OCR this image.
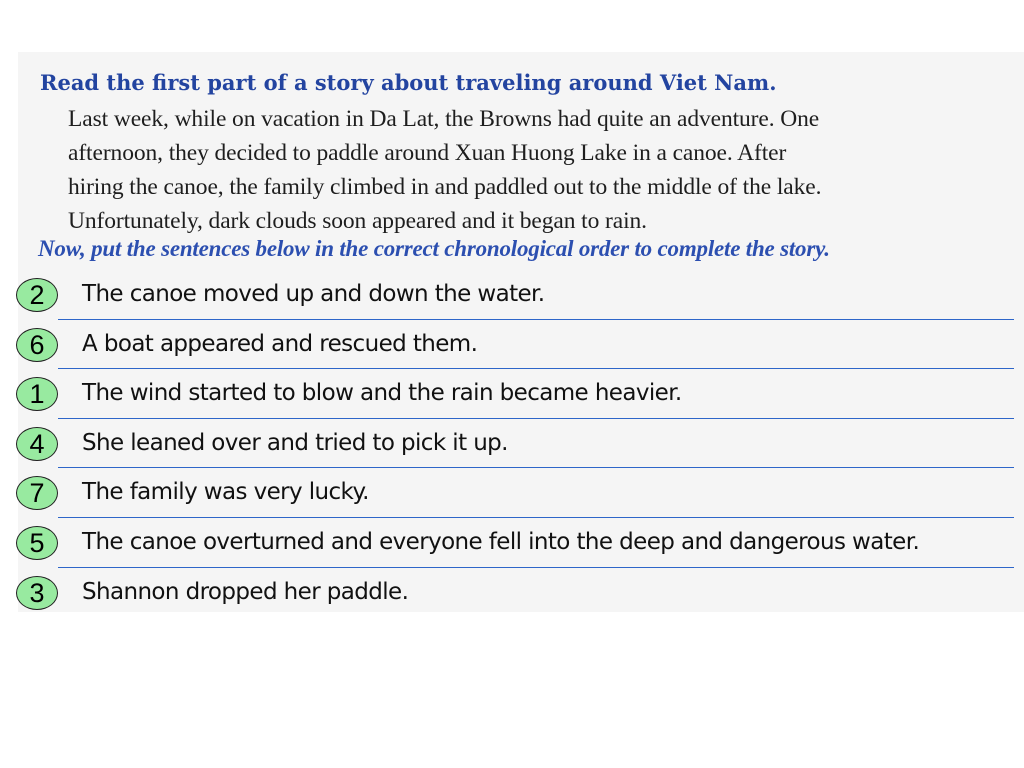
Read the first part of a story about traveling around Viet Nam.
Last week, while on vacation in Da Lat, the Browns had quite an adventure. One
afternoon, they decided to paddle around Xuan Huong Lake in a canoe. After
hiring the canoe, the family climbed in and paddled out to the middle of the lake.
Unfortunately, dark clouds soon appeared and it began to rain.

Now, put the sentences below in the correct chronological order to complete the story.

2	The canoe moved up and down the water.
6	A boat appeared and rescued them.
1	The wind started to blow and the rain became heavier.
4	She leaned over and tried to pick it up.
7	The family was very lucky.
5	The canoe overturned and everyone fell into the deep and dangerous water.
3	Shannon dropped her paddle.
